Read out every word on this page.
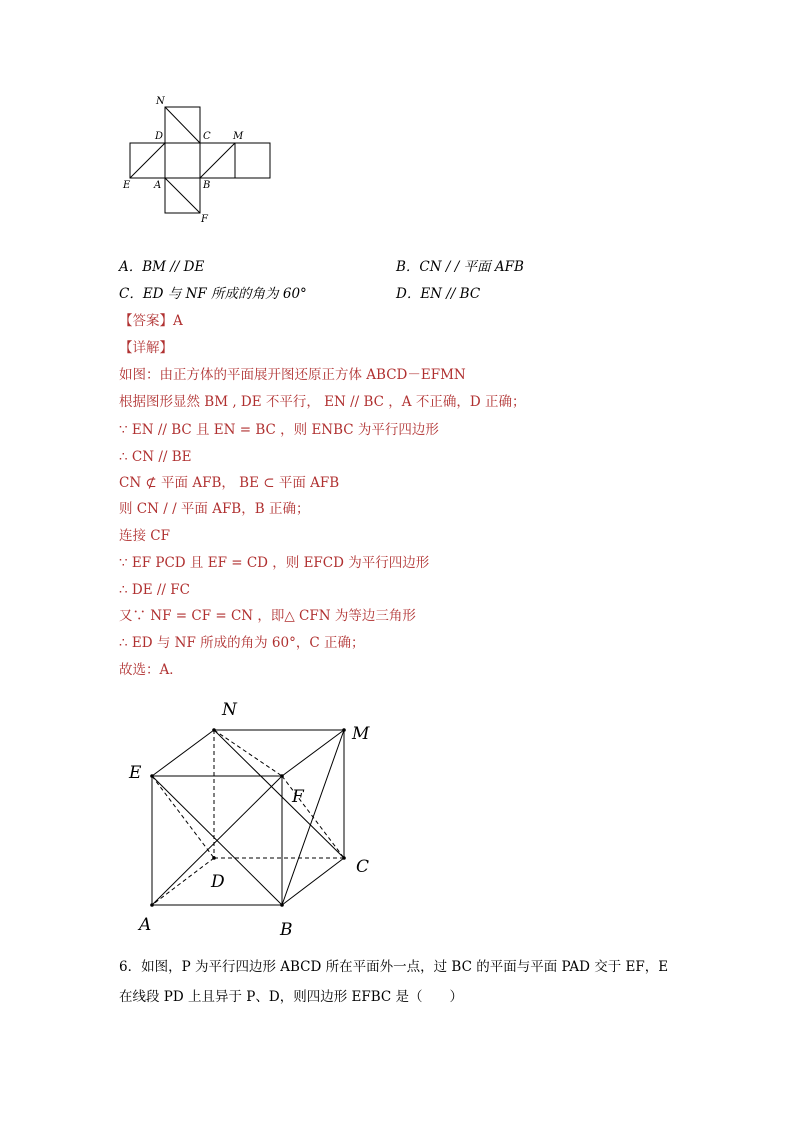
N
D	C M
E A	B
F
A．BM // DE	B．CN / / 平面 AFB
C．ED 与 NF 所成的角为 60°	D．EN // BC
【答案】A
【详解】
如图：由正方体的平面展开图还原正方体 ABCD－EFMN
根据图形显然 BM , DE 不平行， EN // BC ，A 不正确，D 正确；
∵ EN // BC 且 EN = BC ，则 ENBC 为平行四边形
∴ CN // BE
CN ⊄ 平面 AFB， BE ⊂ 平面 AFB
则 CN / / 平面 AFB，B 正确；
连接 CF
∵ EF PCD 且 EF = CD ，则 EFCD 为平行四边形
∴ DE // FC
又∵ NF = CF = CN ，即△ CFN 为等边三角形
∴ ED 与 NF 所成的角为 60°，C 正确；
故选：A．
N
M
E
F
C
D
A	B
6．如图，P 为平行四边形 ABCD 所在平面外一点，过 BC 的平面与平面 PAD 交于 EF，E
在线段 PD 上且异于 P、D，则四边形 EFBC 是（　　）
